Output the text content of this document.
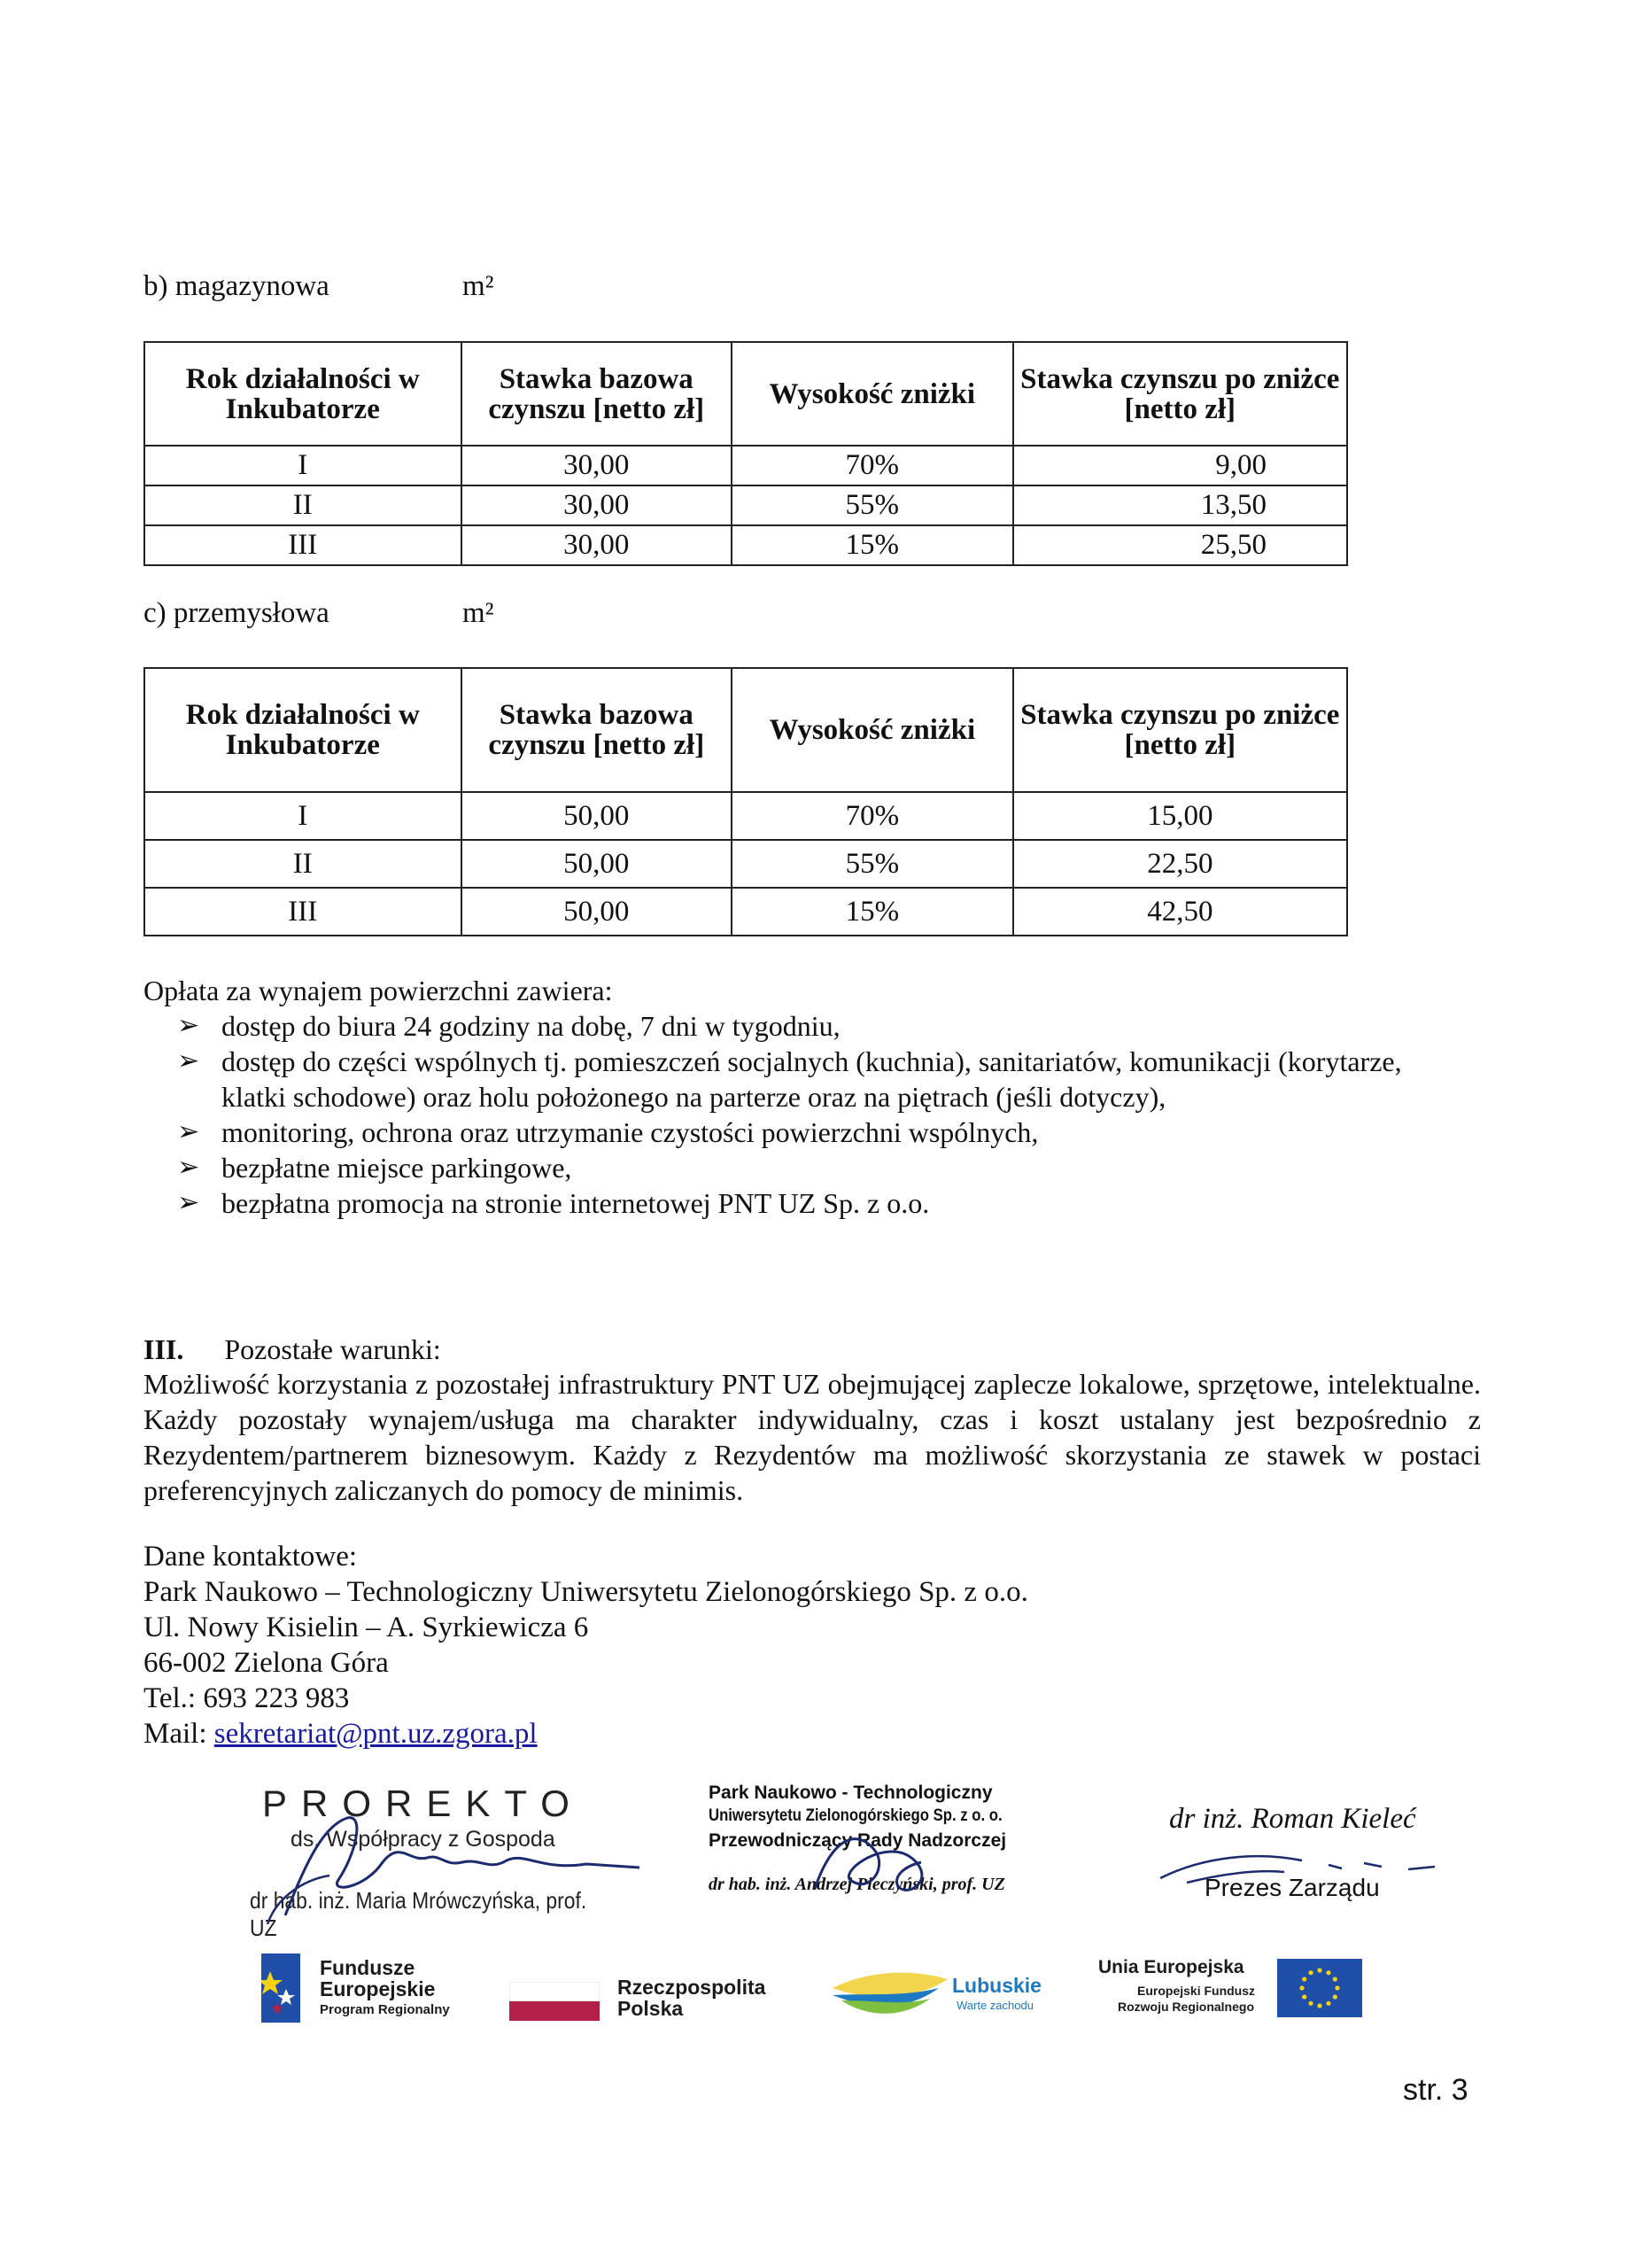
b) magazynowa	m²
Rok działalności w Inkubatorze	Stawka bazowa czynszu [netto zł]	Wysokość zniżki	Stawka czynszu po zniżce [netto zł]
I	30,00	70%	9,00
II	30,00	55%	13,50
III	30,00	15%	25,50
c) przemysłowa	m²
Rok działalności w Inkubatorze	Stawka bazowa czynszu [netto zł]	Wysokość zniżki	Stawka czynszu po zniżce [netto zł]
I	50,00	70%	15,00
II	50,00	55%	22,50
III	50,00	15%	42,50
Opłata za wynajem powierzchni zawiera:
➢ dostęp do biura 24 godziny na dobę, 7 dni w tygodniu,
➢ dostęp do części wspólnych tj. pomieszczeń socjalnych (kuchnia), sanitariatów, komunikacji (korytarze, klatki schodowe) oraz holu położonego na parterze oraz na piętrach (jeśli dotyczy),
➢ monitoring, ochrona oraz utrzymanie czystości powierzchni wspólnych,
➢ bezpłatne miejsce parkingowe,
➢ bezpłatna promocja na stronie internetowej PNT UZ Sp. z o.o.
III. Pozostałe warunki:
Możliwość korzystania z pozostałej infrastruktury PNT UZ obejmującej zaplecze lokalowe, sprzętowe, intelektualne. Każdy pozostały wynajem/usługa ma charakter indywidualny, czas i koszt ustalany jest bezpośrednio z Rezydentem/partnerem biznesowym. Każdy z Rezydentów ma możliwość skorzystania ze stawek w postaci preferencyjnych zaliczanych do pomocy de minimis.

Dane kontaktowe:

Park Naukowo – Technologiczny Uniwersytetu Zielonogórskiego Sp. z o.o.

Ul. Nowy Kisielin – A. Syrkiewicza 6

66-002 Zielona Góra

Tel.: 693 223 983

Mail: sekretariat@pnt.uz.zgora.pl

PROREKTO
ds. Współpracy z Gospoda
dr hab. inż. Maria Mrówczyńska, prof. UZ
Park Naukowo - Technologiczny
Uniwersytetu Zielonogórskiego Sp. z o. o.
Przewodniczący Rady Nadzorczej
dr hab. inż. Andrzej Pieczyński, prof. UZ
dr inż. Roman Kieleć
Prezes Zarządu
Fundusze
Europejskie
Program Regionalny
Rzeczpospolita
Polska
Lubuskie
Warte zachodu
Unia Europejska
Europejski Fundusz
Rozwoju Regionalnego
str. 3
